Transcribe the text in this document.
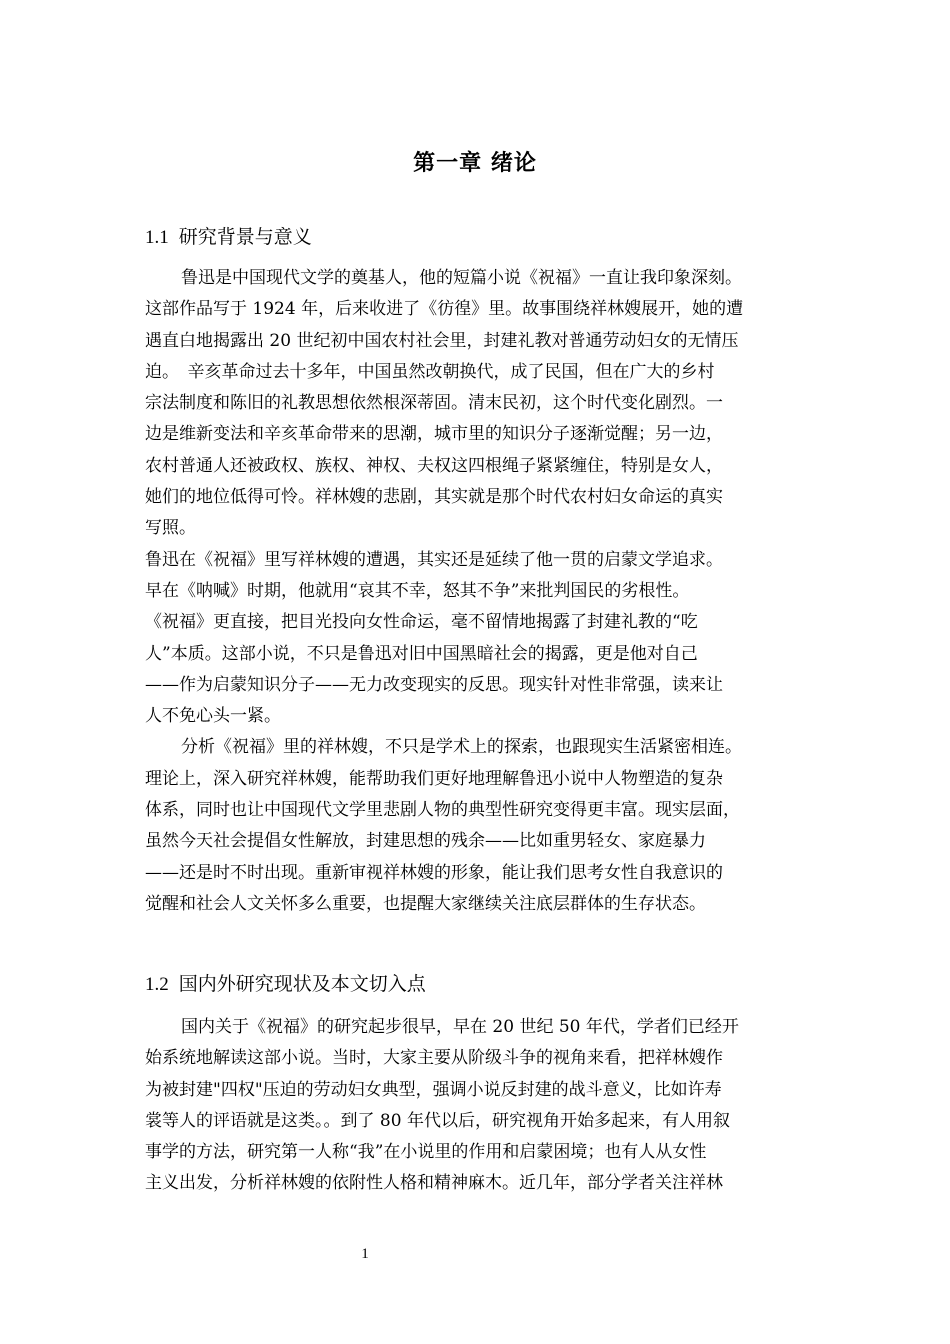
第一章 绪论
1.1 研究背景与意义
鲁迅是中国现代文学的奠基人，他的短篇小说《祝福》一直让我印象深刻。
这部作品写于 1924 年，后来收进了《彷徨》里。故事围绕祥林嫂展开，她的遭
遇直白地揭露出 20 世纪初中国农村社会里，封建礼教对普通劳动妇女的无情压
迫。　辛亥革命过去十多年，中国虽然改朝换代，成了民国，但在广大的乡村
宗法制度和陈旧的礼教思想依然根深蒂固。清末民初，这个时代变化剧烈。一
边是维新变法和辛亥革命带来的思潮，城市里的知识分子逐渐觉醒；另一边，
农村普通人还被政权、族权、神权、夫权这四根绳子紧紧缠住，特别是女人，
她们的地位低得可怜。祥林嫂的悲剧，其实就是那个时代农村妇女命运的真实
写照。
鲁迅在《祝福》里写祥林嫂的遭遇，其实还是延续了他一贯的启蒙文学追求。
早在《呐喊》时期，他就用“哀其不幸，怒其不争”来批判国民的劣根性。
《祝福》更直接，把目光投向女性命运，毫不留情地揭露了封建礼教的“吃
人”本质。这部小说，不只是鲁迅对旧中国黑暗社会的揭露，更是他对自己
——作为启蒙知识分子——无力改变现实的反思。现实针对性非常强，读来让
人不免心头一紧。
分析《祝福》里的祥林嫂，不只是学术上的探索，也跟现实生活紧密相连。
理论上，深入研究祥林嫂，能帮助我们更好地理解鲁迅小说中人物塑造的复杂
体系，同时也让中国现代文学里悲剧人物的典型性研究变得更丰富。现实层面，
虽然今天社会提倡女性解放，封建思想的残余——比如重男轻女、家庭暴力
——还是时不时出现。重新审视祥林嫂的形象，能让我们思考女性自我意识的
觉醒和社会人文关怀多么重要，也提醒大家继续关注底层群体的生存状态。
1.2 国内外研究现状及本文切入点
国内关于《祝福》的研究起步很早，早在 20 世纪 50 年代，学者们已经开
始系统地解读这部小说。当时，大家主要从阶级斗争的视角来看，把祥林嫂作
为被封建"四权"压迫的劳动妇女典型，强调小说反封建的战斗意义，比如许寿
裳等人的评语就是这类。。到了 80 年代以后，研究视角开始多起来，有人用叙
事学的方法，研究第一人称“我”在小说里的作用和启蒙困境；也有人从女性
主义出发，分析祥林嫂的依附性人格和精神麻木。近几年，部分学者关注祥林
1
